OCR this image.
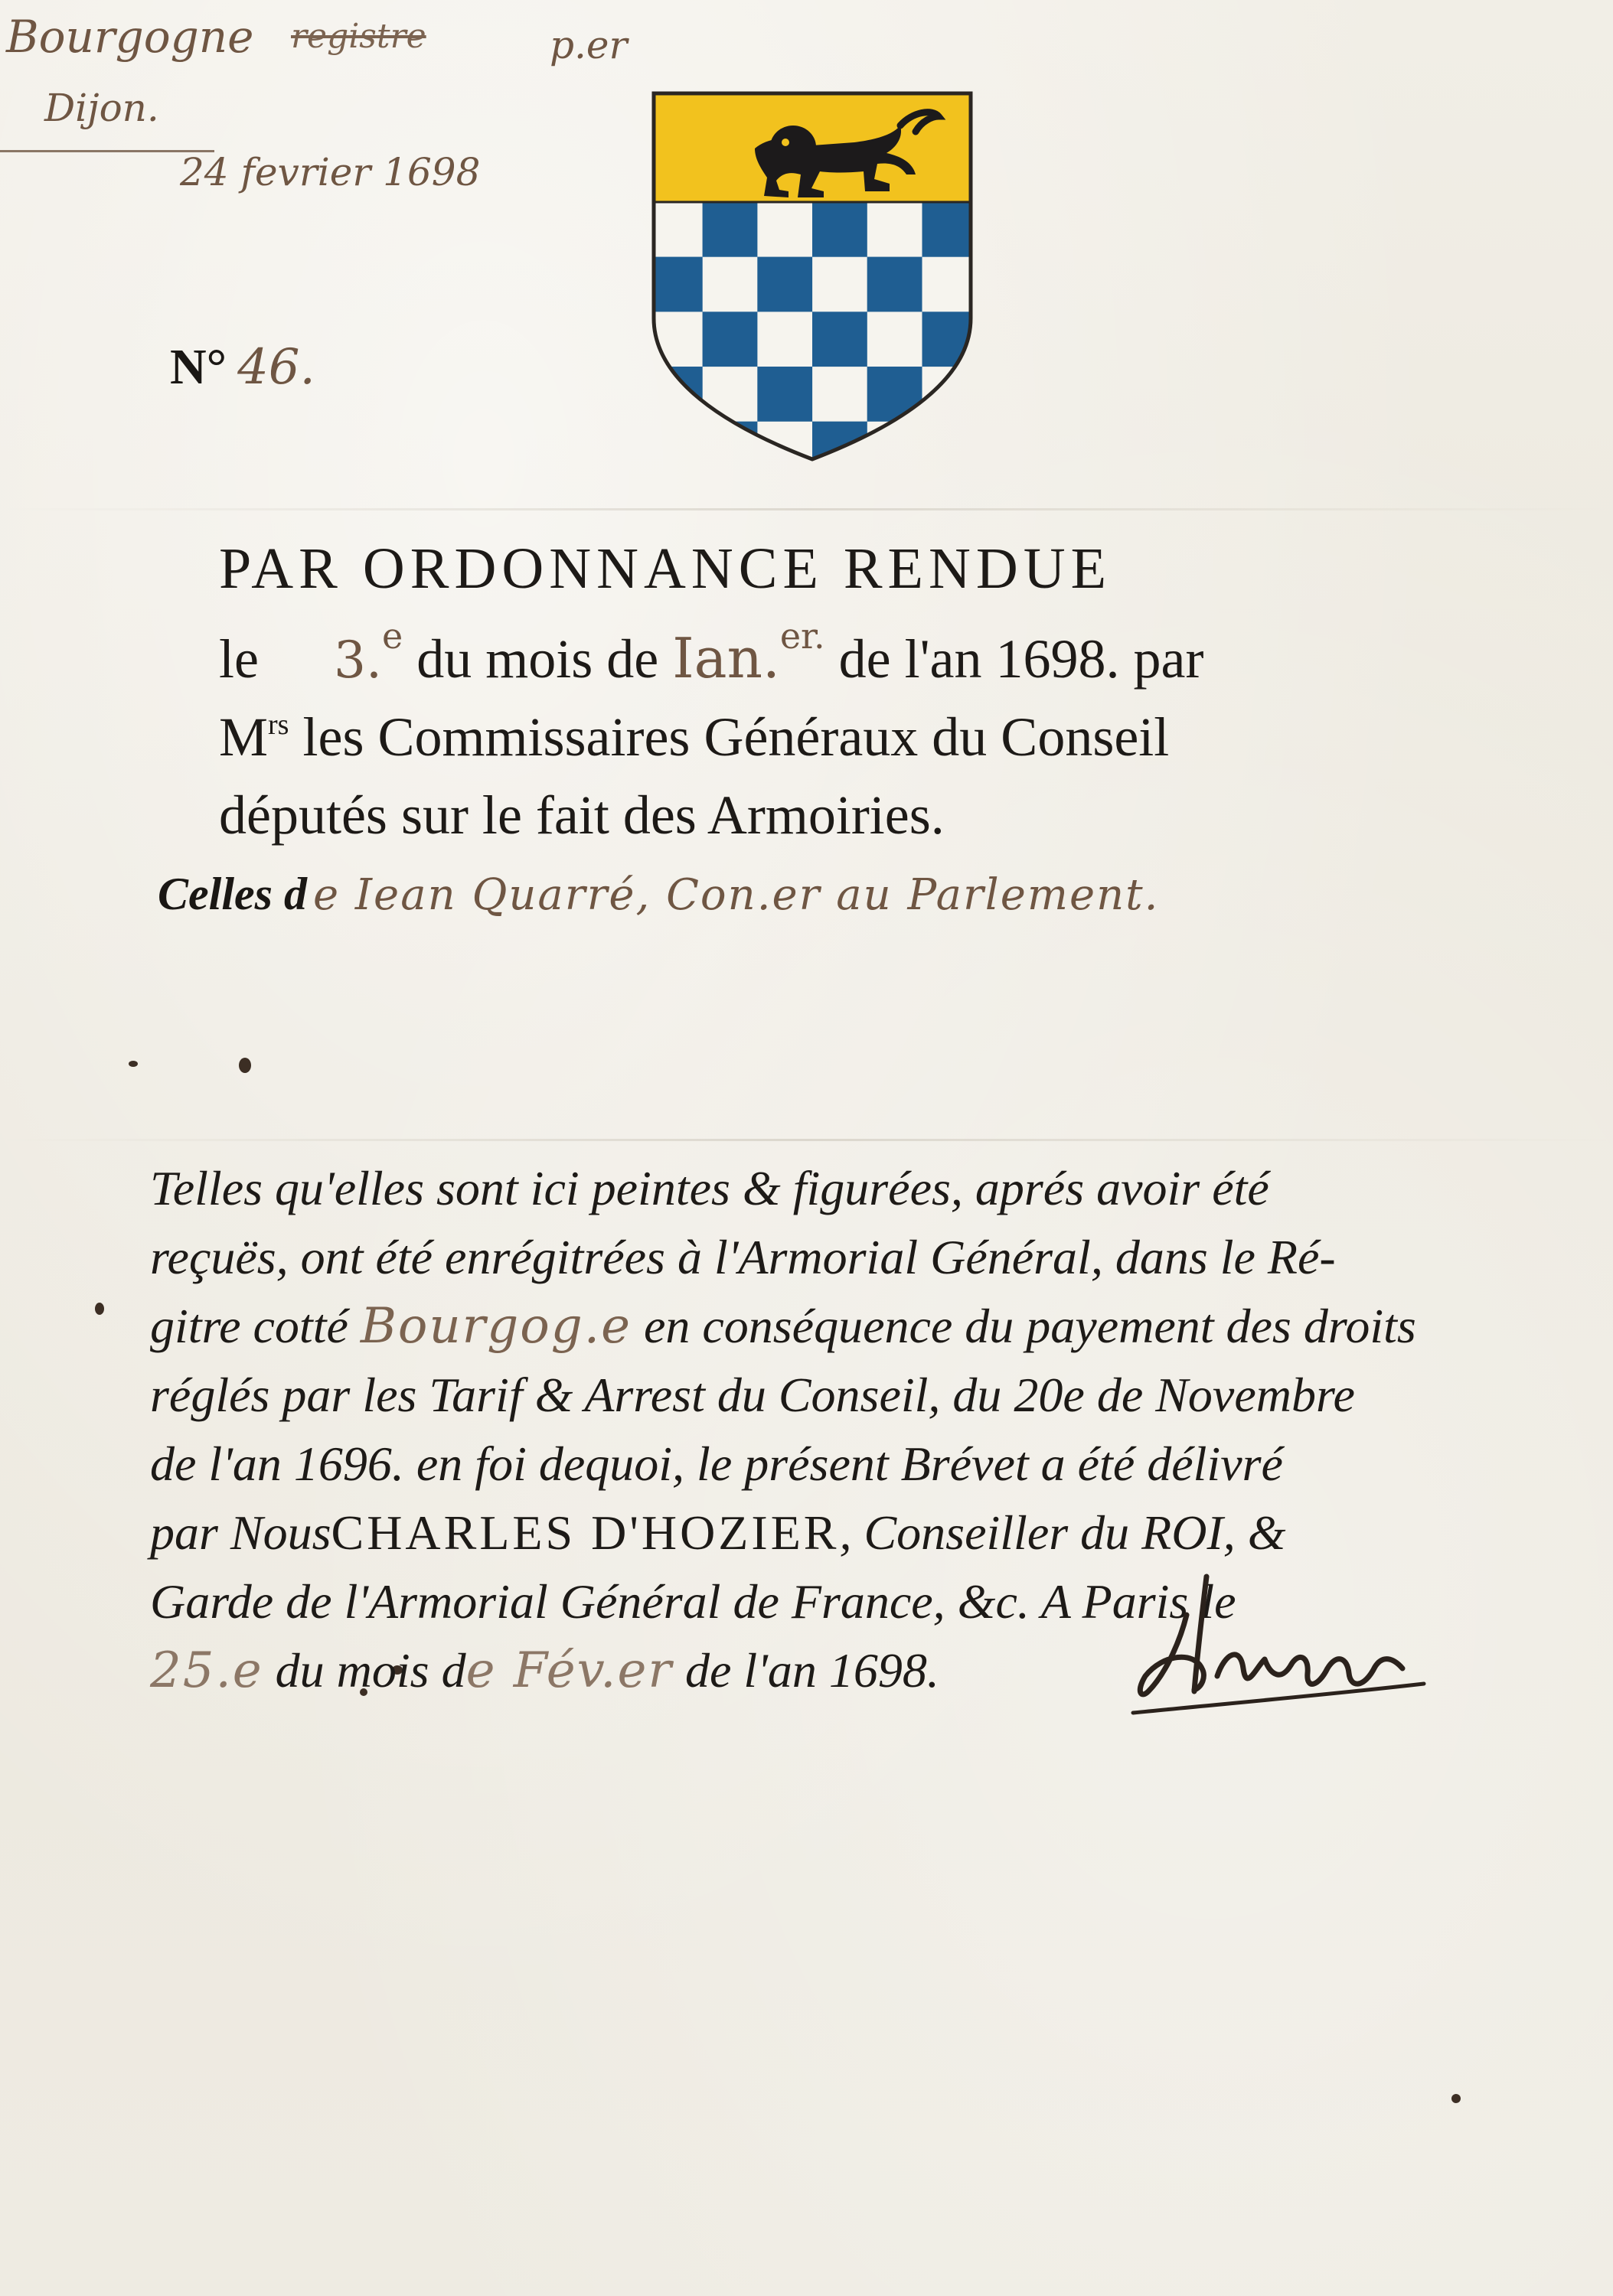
Bourgogne registre	p.er
Dijon.
24 fevrier 1698
N° 46.
PAR ORDONNANCE RENDUE
le 3.$^e$ du mois de Ian.$^{er.}$ de l'an 1698. par
$M^{rs}$ les Commissaires Généraux du Conseil
députés sur le fait des Armoiries.
Celles d e Iean Quarré, Con.er au Parlement.
Telles qu'elles sont ici peintes & figurées, aprés avoir été
reçuës, ont été enrégitrées à l'Armorial Général, dans le Ré-
gitre cotté Bourgog.e en conséquence du payement des droits
réglés par les Tarif & Arrest du Conseil, du 20e de Novembre
de l'an 1696. en foi dequoi, le présent Brévet a été délivré
par NousCHARLES D'HOZIER, Conseiller du ROI, &
Garde de l'Armorial Général de France, &c. A Paris le
25.e du mois de Fév.er de l'an 1698.
